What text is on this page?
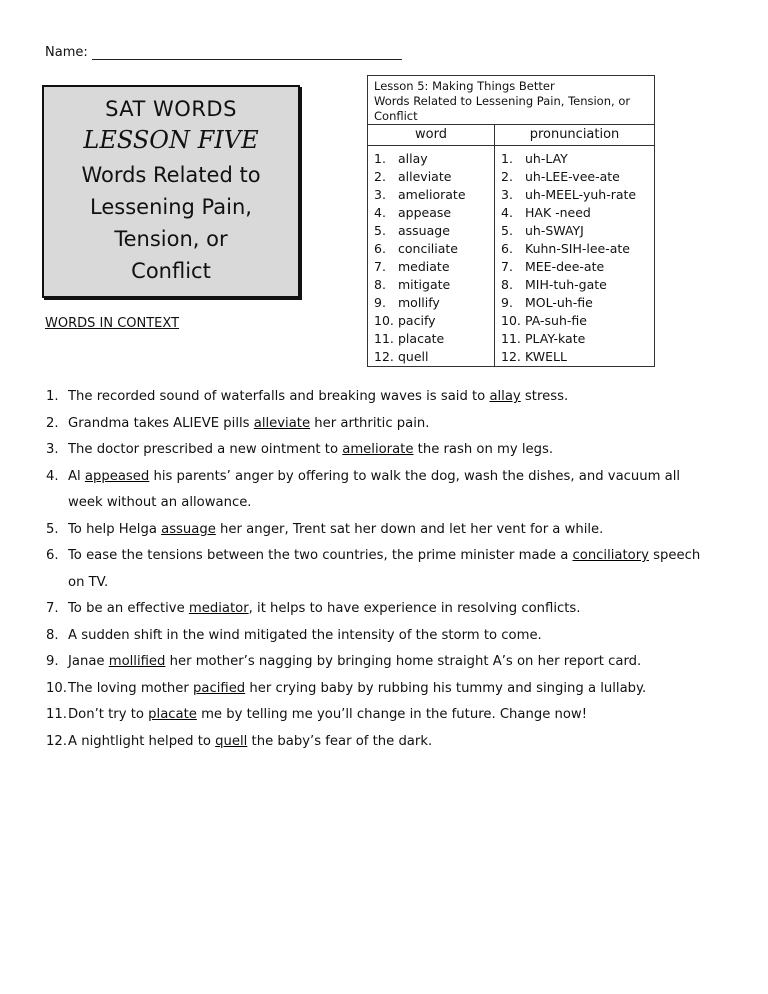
Name:
SAT WORDS
LESSON FIVE
Words Related to
Lessening Pain,
Tension, or
Conflict
WORDS IN CONTEXT
Lesson 5: Making Things Better
Words Related to Lessening Pain, Tension, or
Conflict
word
1. allay
2. alleviate
3. ameliorate
4. appease
5. assuage
6. conciliate
7. mediate
8. mitigate
9. mollify
10. pacify
11. placate
12. quell
pronunciation
1. uh-LAY
2. uh-LEE-vee-ate
3. uh-MEEL-yuh-rate
4. HAK -need
5. uh-SWAYJ
6. Kuhn-SIH-lee-ate
7. MEE-dee-ate
8. MIH-tuh-gate
9. MOL-uh-fie
10. PA-suh-fie
11. PLAY-kate
12. KWELL
1. The recorded sound of waterfalls and breaking waves is said to allay stress.
2. Grandma takes ALIEVE pills alleviate her arthritic pain.
3. The doctor prescribed a new ointment to ameliorate the rash on my legs.
4. Al appeased his parents’ anger by offering to walk the dog, wash the dishes, and vacuum all week without an allowance.
5. To help Helga assuage her anger, Trent sat her down and let her vent for a while.
6. To ease the tensions between the two countries, the prime minister made a conciliatory speech on TV.
7. To be an effective mediator, it helps to have experience in resolving conflicts.
8. A sudden shift in the wind mitigated the intensity of the storm to come.
9. Janae mollified her mother’s nagging by bringing home straight A’s on her report card.
10. The loving mother pacified her crying baby by rubbing his tummy and singing a lullaby.
11. Don’t try to placate me by telling me you’ll change in the future. Change now!
12. A nightlight helped to quell the baby’s fear of the dark.
